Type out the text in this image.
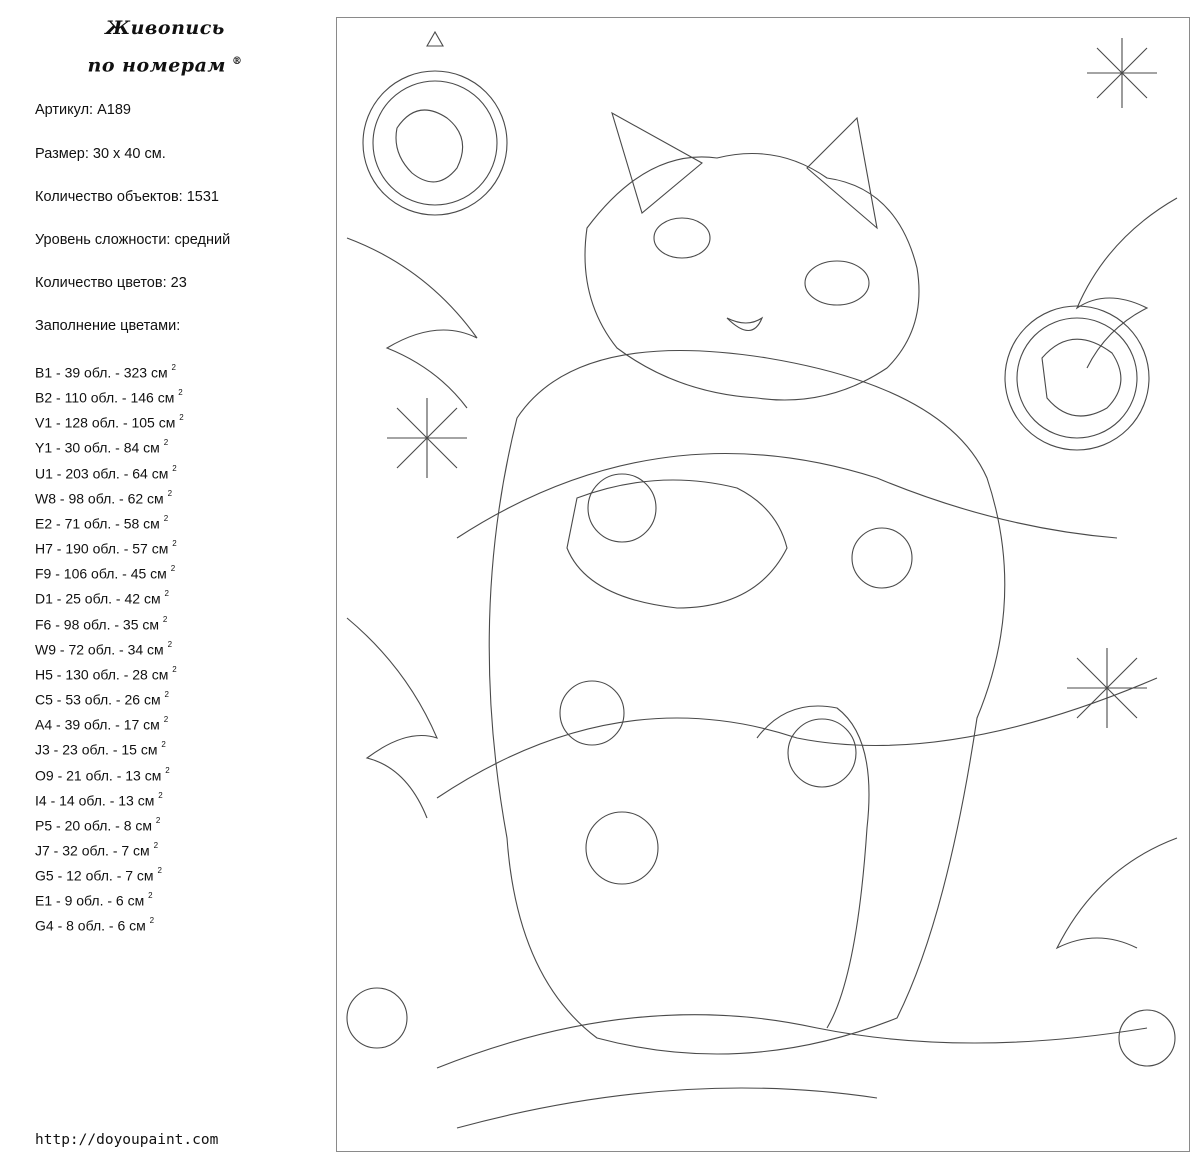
Живопись
по номерам ®
Артикул: A189
Размер: 30 х 40 см.
Количество объектов: 1531
Уровень сложности: средний
Количество цветов: 23
Заполнение цветами:
B1 - 39 обл. - 323 см $^2$
B2 - 110 обл. - 146 см $^2$
V1 - 128 обл. - 105 см $^2$
Y1 - 30 обл. - 84 см $^2$
U1 - 203 обл. - 64 см $^2$
W8 - 98 обл. - 62 см $^2$
E2 - 71 обл. - 58 см $^2$
H7 - 190 обл. - 57 см $^2$
F9 - 106 обл. - 45 см $^2$
D1 - 25 обл. - 42 см $^2$
F6 - 98 обл. - 35 см $^2$
W9 - 72 обл. - 34 см $^2$
H5 - 130 обл. - 28 см $^2$
C5 - 53 обл. - 26 см $^2$
A4 - 39 обл. - 17 см $^2$
J3 - 23 обл. - 15 см $^2$
O9 - 21 обл. - 13 см $^2$
I4 - 14 обл. - 13 см $^2$
P5 - 20 обл. - 8 см $^2$
J7 - 32 обл. - 7 см $^2$
G5 - 12 обл. - 7 см $^2$
E1 - 9 обл. - 6 см $^2$
G4 - 8 обл. - 6 см $^2$
http://doyoupaint.com
